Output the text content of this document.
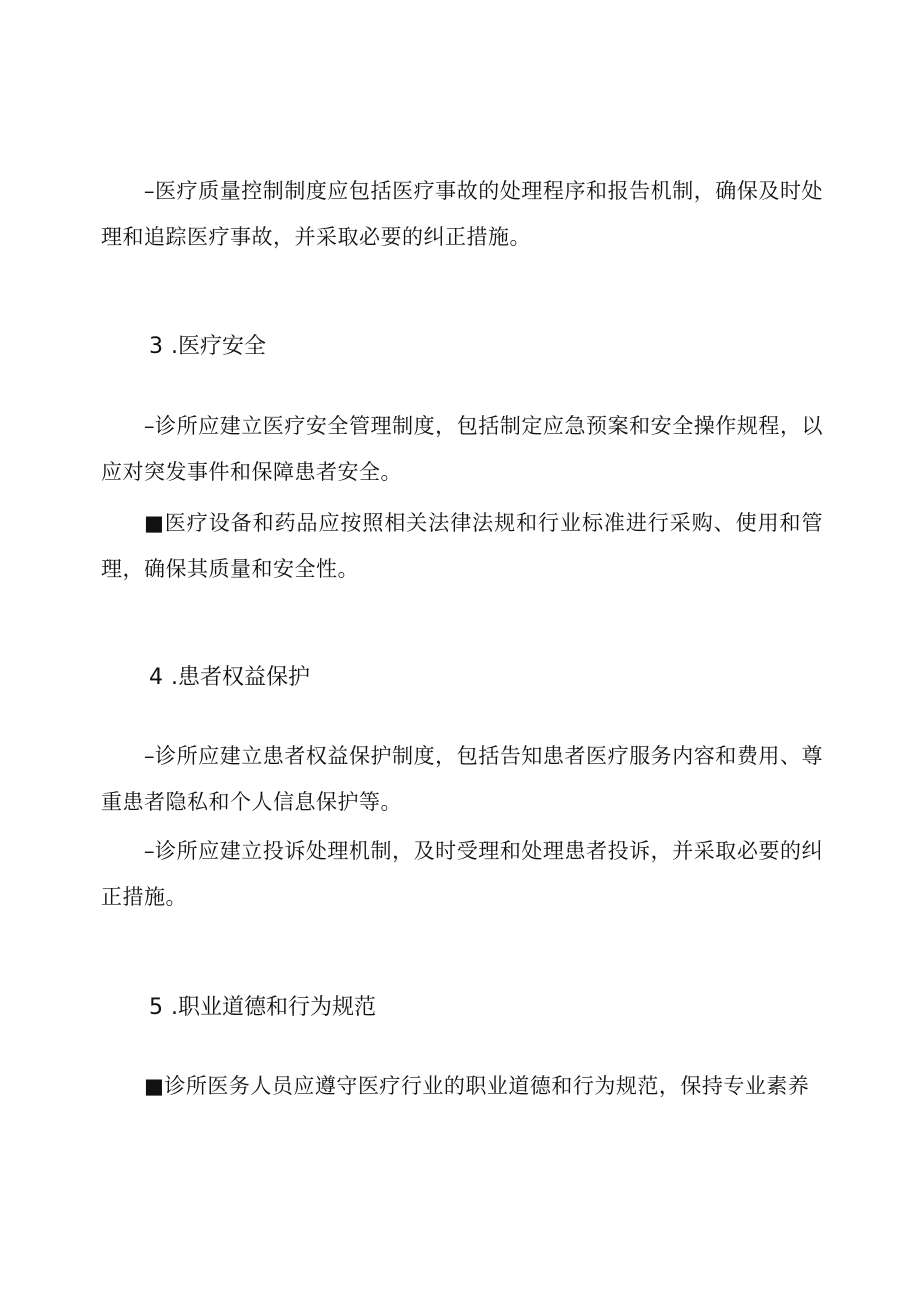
–医疗质量控制制度应包括医疗事故的处理程序和报告机制，确保及时处理和追踪医疗事故，并采取必要的纠正措施。

3 .医疗安全

–诊所应建立医疗安全管理制度，包括制定应急预案和安全操作规程，以应对突发事件和保障患者安全。

■医疗设备和药品应按照相关法律法规和行业标准进行采购、使用和管理，确保其质量和安全性。

4 .患者权益保护

–诊所应建立患者权益保护制度，包括告知患者医疗服务内容和费用、尊重患者隐私和个人信息保护等。

–诊所应建立投诉处理机制，及时受理和处理患者投诉，并采取必要的纠正措施。

5 .职业道德和行为规范

■诊所医务人员应遵守医疗行业的职业道德和行为规范，保持专业素养
